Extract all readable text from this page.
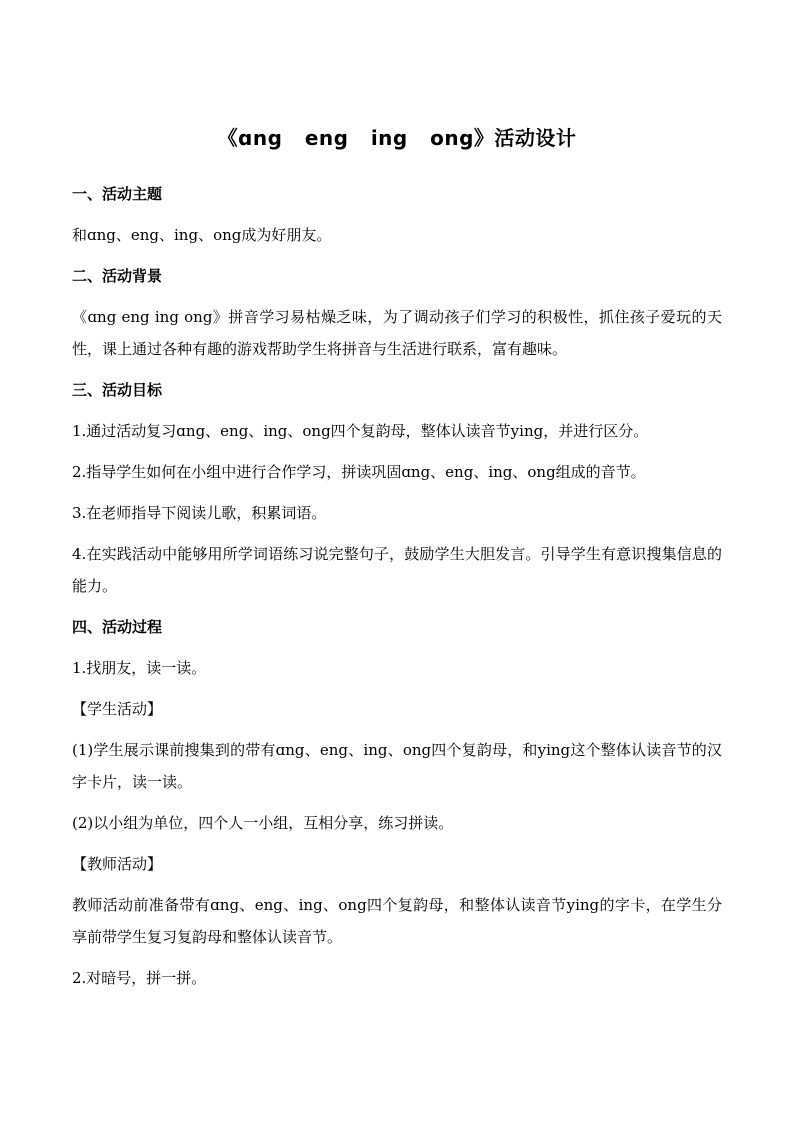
《ɑng   eng   ing   ong》活动设计
一、活动主题
和ɑng、eng、ing、ong成为好朋友。
二、活动背景
《ɑng eng ing ong》拼音学习易枯燥乏味，为了调动孩子们学习的积极性，抓住孩子爱玩的天性，课上通过各种有趣的游戏帮助学生将拼音与生活进行联系，富有趣味。
三、活动目标
1.通过活动复习ɑng、eng、ing、ong四个复韵母，整体认读音节ying，并进行区分。
2.指导学生如何在小组中进行合作学习，拼读巩固ɑng、eng、ing、ong组成的音节。
3.在老师指导下阅读儿歌，积累词语。
4.在实践活动中能够用所学词语练习说完整句子，鼓励学生大胆发言。引导学生有意识搜集信息的能力。
四、活动过程
1.找朋友，读一读。
【学生活动】
(1)学生展示课前搜集到的带有ɑng、eng、ing、ong四个复韵母，和ying这个整体认读音节的汉字卡片，读一读。
(2)以小组为单位，四个人一小组，互相分享，练习拼读。
【教师活动】
教师活动前准备带有ɑng、eng、ing、ong四个复韵母，和整体认读音节ying的字卡，在学生分享前带学生复习复韵母和整体认读音节。
2.对暗号，拼一拼。
